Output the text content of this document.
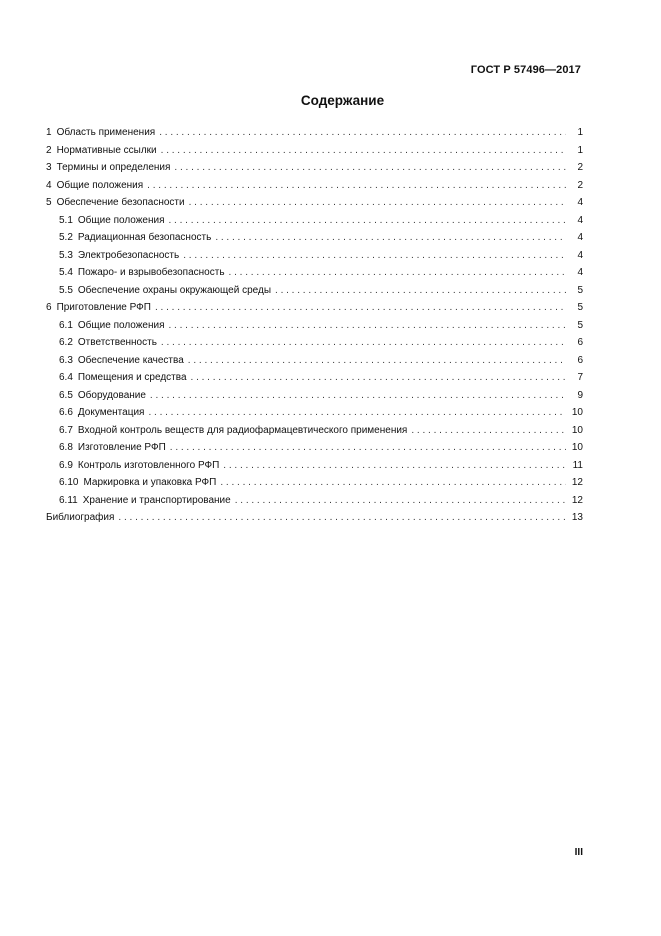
ГОСТ Р 57496—2017
Содержание
1 Область применения . . .	1
2 Нормативные ссылки . . .	1
3 Термины и определения . . .	2
4 Общие положения . . .	2
5 Обеспечение безопасности . . .	4
5.1 Общие положения . . .	4
5.2 Радиационная безопасность . . .	4
5.3 Электробезопасность . . .	4
5.4 Пожаро- и взрывобезопасность . . .	4
5.5 Обеспечение охраны окружающей среды . . .	5
6 Приготовление РФП . . .	5
6.1 Общие положения . . .	5
6.2 Ответственность . . .	6
6.3 Обеспечение качества . . .	6
6.4 Помещения и средства . . .	7
6.5 Оборудование . . .	9
6.6 Документация . . .	10
6.7 Входной контроль веществ для радиофармацевтического применения . . .	10
6.8 Изготовление РФП . . .	10
6.9 Контроль изготовленного РФП . . .	11
6.10 Маркировка и упаковка РФП . . .	12
6.11 Хранение и транспортирование . . .	12
Библиография . . .	13
III
